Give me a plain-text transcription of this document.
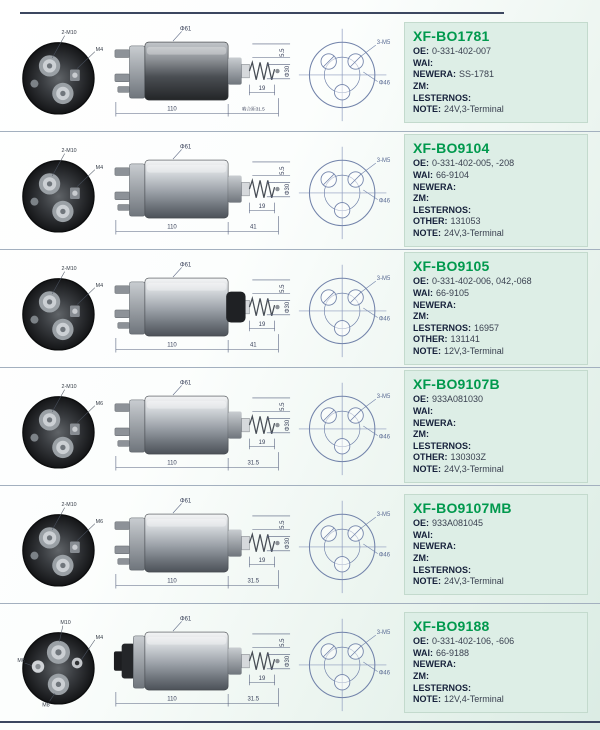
2-M10
M4
Φ61
5.5
Φ30
19
110	啮合距31.5
3-M5
Φ46
XF-BO1781
OE: 0-331-402-007
WAI:
NEWERA: SS-1781
ZM:
LESTERNOS:
NOTE: 24V,3-Terminal
2-M10
M4
Φ61
5.5
Φ30
19
110	41
3-M5
Φ46
XF-BO9104
OE: 0-331-402-005, -208
WAI: 66-9104
NEWERA:
ZM:
LESTERNOS:
OTHER: 131053
NOTE: 24V,3-Terminal
2-M10
M4
Φ61
5.5
Φ30
19
110	41
3-M5
Φ46
XF-BO9105
OE: 0-331-402-006, 042,-068
WAI: 66-9105
NEWERA:
ZM:
LESTERNOS: 16957
OTHER: 131141
NOTE: 12V,3-Terminal
2-M10
M6
Φ61
5.5
Φ30
19
110	31.5
3-M5
Φ46
XF-BO9107B
OE: 933A081030
WAI:
NEWERA:
ZM:
LESTERNOS:
OTHER: 130303Z
NOTE: 24V,3-Terminal
2-M10
M6
Φ61
5.5
Φ30
19
110	31.5
3-M5
Φ46
XF-BO9107MB
OE: 933A081045
WAI:
NEWERA:
ZM:
LESTERNOS:
NOTE: 24V,3-Terminal
M10
M4
M6
M8
Φ61
5.5
Φ30
19
110	31.5
3-M5
Φ46
XF-BO9188
OE: 0-331-402-106, -606
WAI: 66-9188
NEWERA:
ZM:
LESTERNOS:
NOTE: 12V,4-Terminal
